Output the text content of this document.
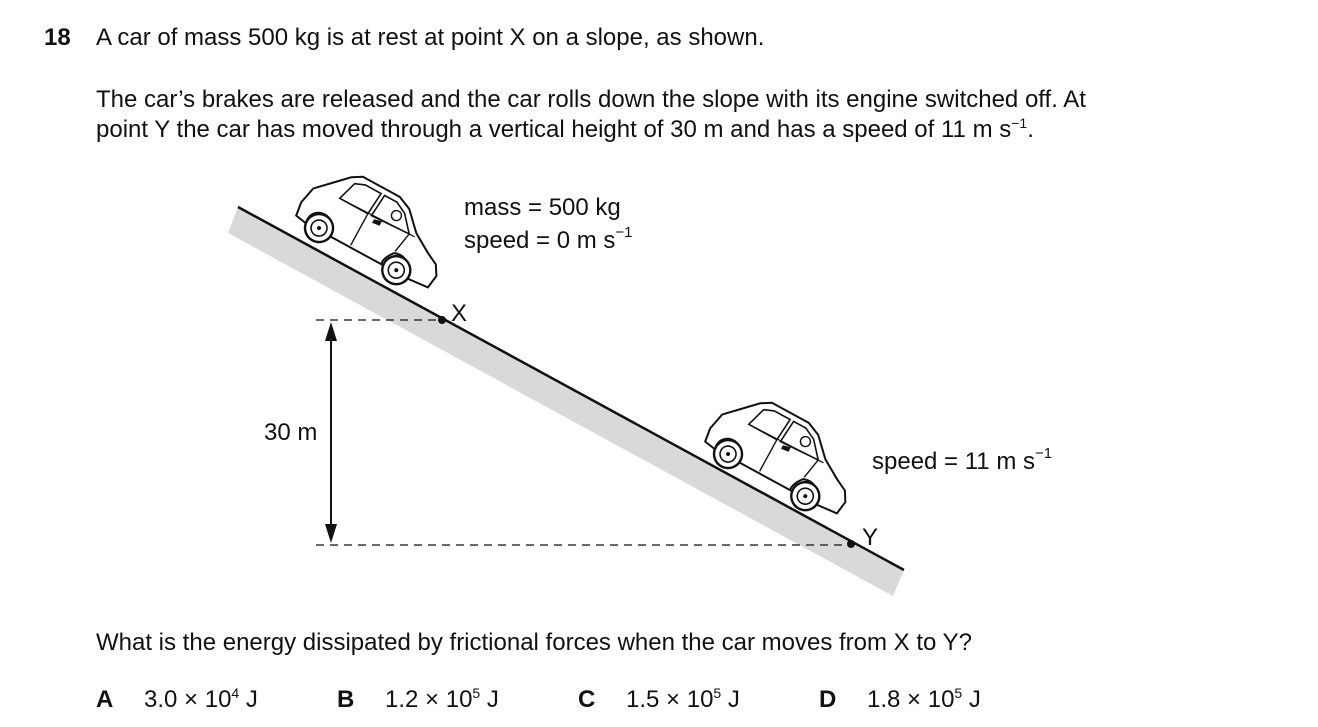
18 A car of mass 500 kg is at rest at point X on a slope, as shown.
The car’s brakes are released and the car rolls down the slope with its engine switched off. At
point Y the car has moved through a vertical height of 30 m and has a speed of 11 m $s^{-1}$.
X
Y
30 m
mass = 500 kg
speed = 0 m $s^{-1}$
speed = 11 m $s^{-1}$
What is the energy dissipated by frictional forces when the car moves from X to Y?
A $3.0 \times 10^4$ J	B $1.2 \times 10^5$ J	C $1.5 \times 10^5$ J	D $1.8 \times 10^5$ J
